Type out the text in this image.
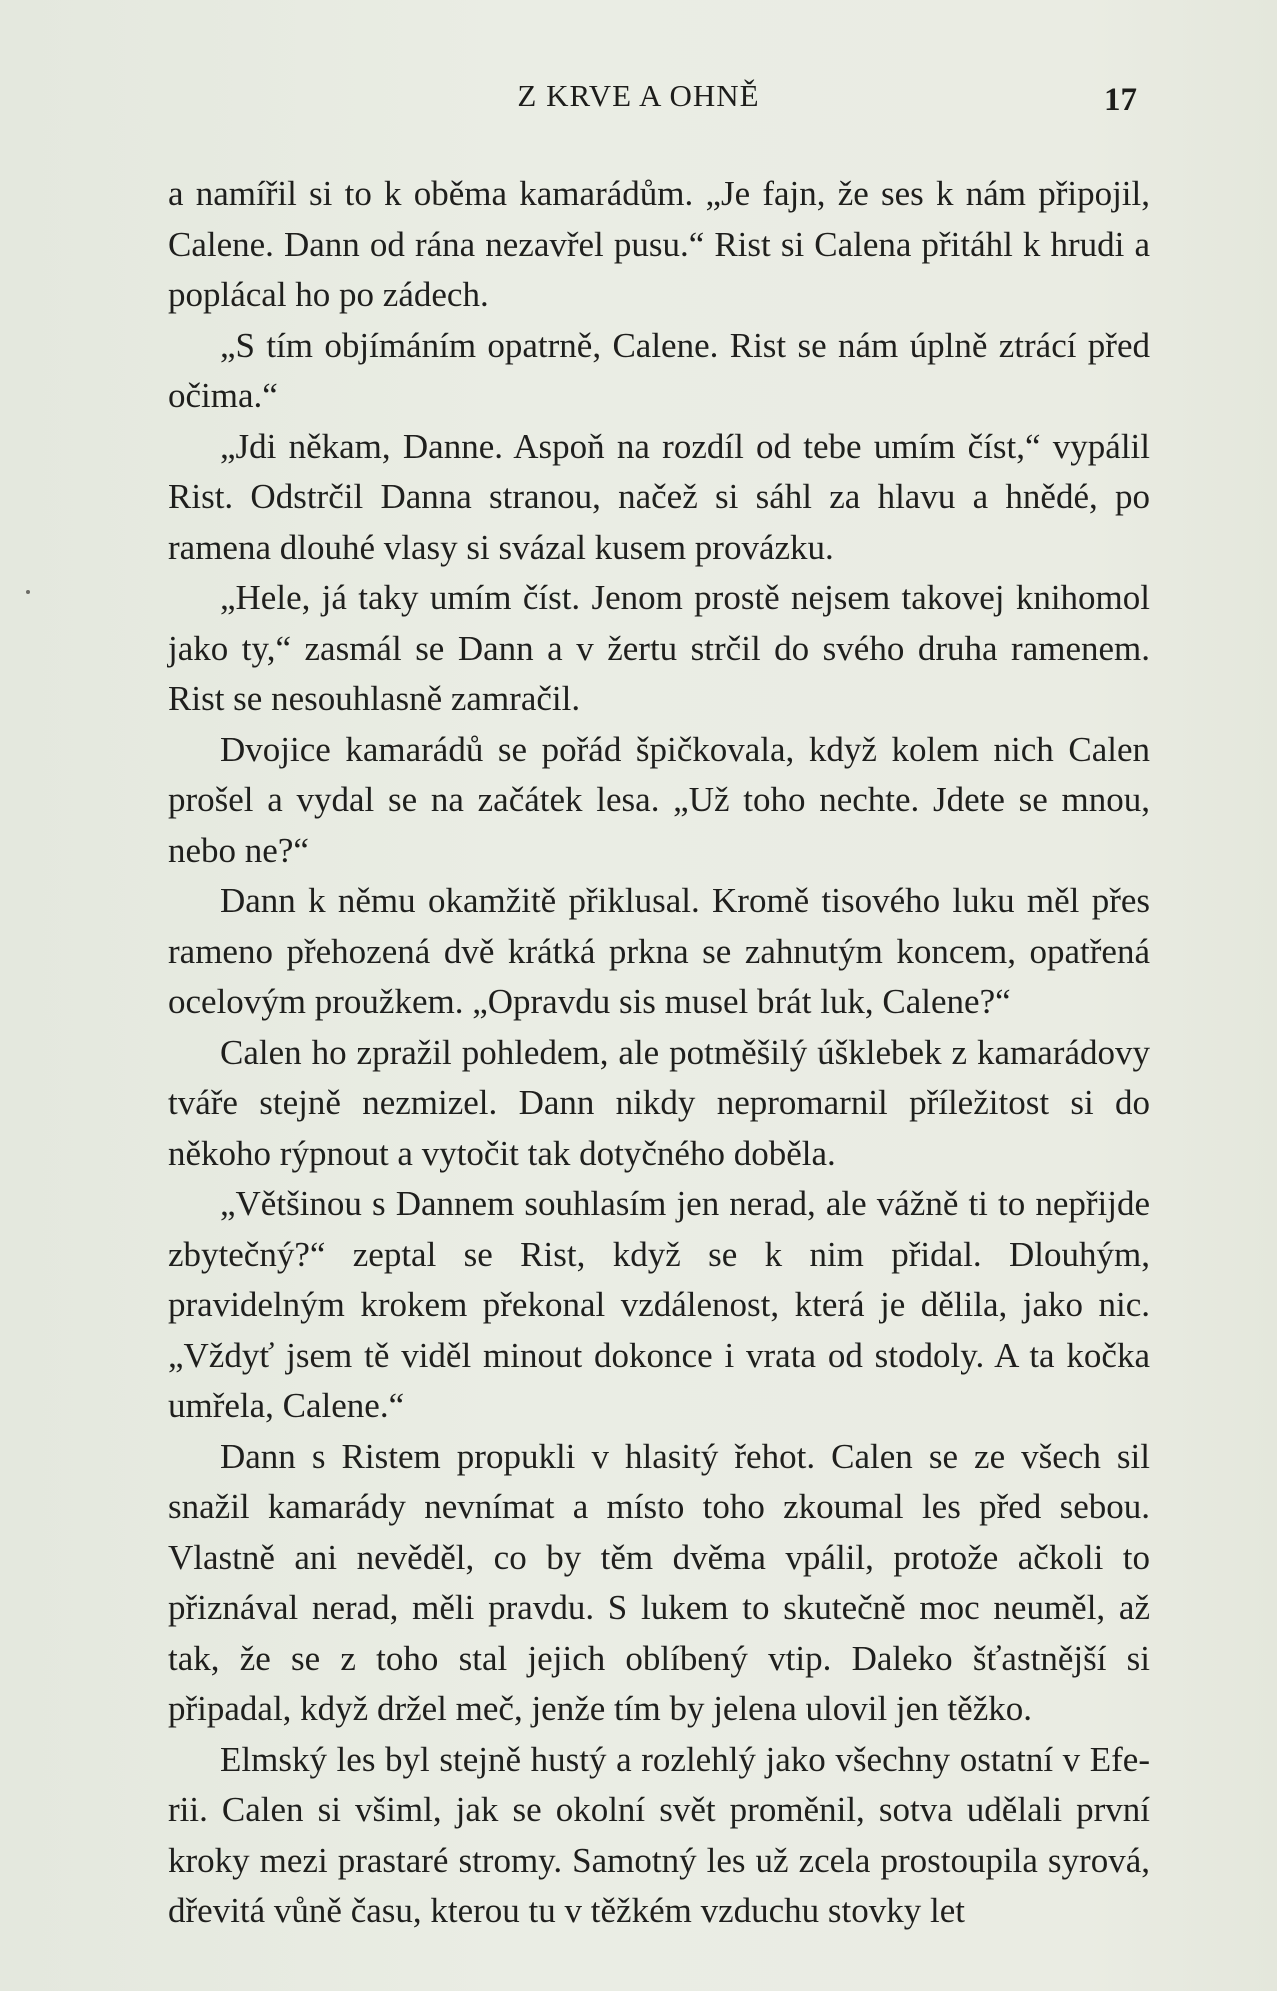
Z KRVE A OHNĚ	17

a namířil si to k oběma kamarádům. „Je fajn, že ses k nám připojil, Calene. Dann od rána nezavřel pusu.“ Rist si Calena přitáhl k hrudi a poplácal ho po zádech.

„S tím objímáním opatrně, Calene. Rist se nám úplně ztrácí před očima.“

„Jdi někam, Danne. Aspoň na rozdíl od tebe umím číst,“ vypálil Rist. Odstrčil Danna stranou, načež si sáhl za hlavu a hnědé, po ramena dlouhé vlasy si svázal kusem provázku.

„Hele, já taky umím číst. Jenom prostě nejsem takovej knihomol jako ty,“ zasmál se Dann a v žertu strčil do svého druha ramenem. Rist se nesouhlasně zamračil.

Dvojice kamarádů se pořád špičkovala, když kolem nich Calen prošel a vydal se na začátek lesa. „Už toho nechte. Jdete se mnou, nebo ne?“

Dann k němu okamžitě přiklusal. Kromě tisového luku měl přes rameno přehozená dvě krátká prkna se zahnutým koncem, opatřená ocelovým proužkem. „Opravdu sis musel brát luk, Calene?“

Calen ho zpražil pohledem, ale potměšilý úšklebek z kamarádovy tváře stejně nezmizel. Dann nikdy nepromarnil příležitost si do někoho rýpnout a vytočit tak dotyčného doběla.

„Většinou s Dannem souhlasím jen nerad, ale vážně ti to nepřijde zbytečný?“ zeptal se Rist, když se k nim přidal. Dlouhým, pravidelným krokem překonal vzdálenost, která je dělila, jako nic. „Vždyť jsem tě viděl minout dokonce i vrata od stodoly. A ta kočka umřela, Calene.“

Dann s Ristem propukli v hlasitý řehot. Calen se ze všech sil snažil kamarády nevnímat a místo toho zkoumal les před sebou. Vlastně ani nevěděl, co by těm dvěma vpálil, protože ačkoli to přiznával nerad, měli pravdu. S lukem to skutečně moc neuměl, až tak, že se z toho stal jejich oblíbený vtip. Daleko šťastnější si připadal, když držel meč, jenže tím by jelena ulovil jen těžko.

Elmský les byl stejně hustý a rozlehlý jako všechny ostatní v Eferii. Calen si všiml, jak se okolní svět proměnil, sotva udělali první kroky mezi prastaré stromy. Samotný les už zcela prostoupila syrová, dřevitá vůně času, kterou tu v těžkém vzduchu stovky let
